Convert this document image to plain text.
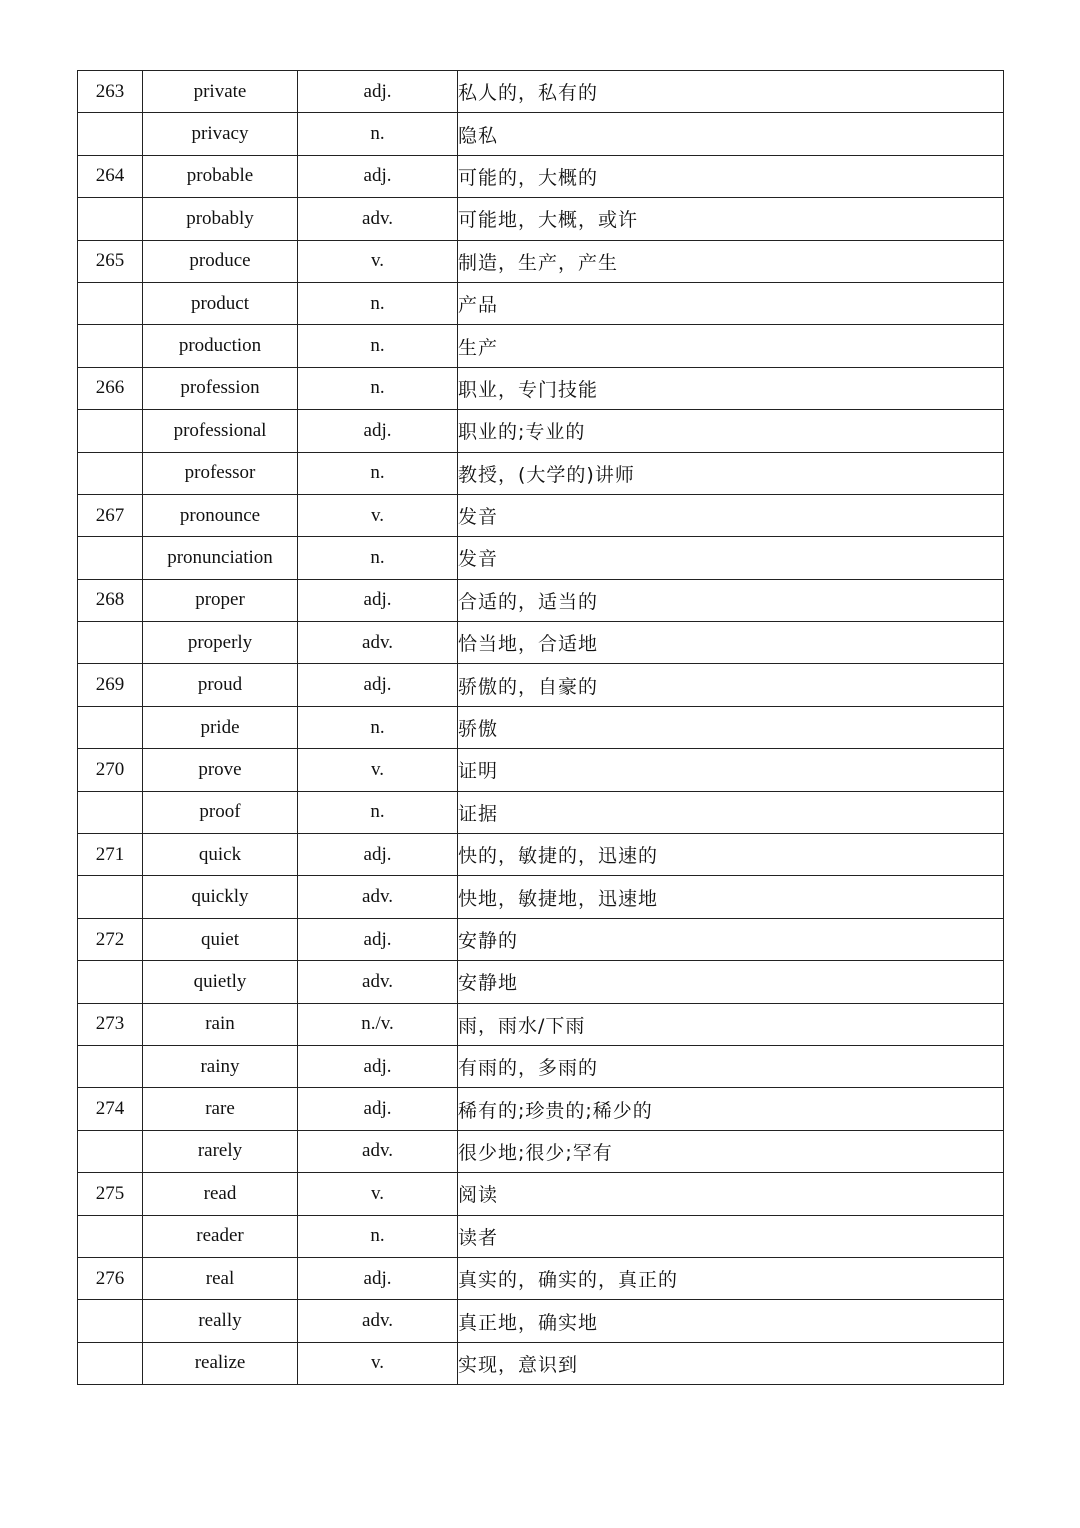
263	private	adj.	私人的，私有的
	privacy	n.	隐私
264	probable	adj.	可能的，大概的
	probably	adv.	可能地，大概，或许
265	produce	v.	制造，生产，产生
	product	n.	产品
	production	n.	生产
266	profession	n.	职业，专门技能
	professional	adj.	职业的;专业的
	professor	n.	教授，(大学的)讲师
267	pronounce	v.	发音
	pronunciation	n.	发音
268	proper	adj.	合适的，适当的
	properly	adv.	恰当地，合适地
269	proud	adj.	骄傲的，自豪的
	pride	n.	骄傲
270	prove	v.	证明
	proof	n.	证据
271	quick	adj.	快的，敏捷的，迅速的
	quickly	adv.	快地，敏捷地，迅速地
272	quiet	adj.	安静的
	quietly	adv.	安静地
273	rain	n./v.	雨，雨水/下雨
	rainy	adj.	有雨的，多雨的
274	rare	adj.	稀有的;珍贵的;稀少的
	rarely	adv.	很少地;很少;罕有
275	read	v.	阅读
	reader	n.	读者
276	real	adj.	真实的，确实的，真正的
	really	adv.	真正地，确实地
	realize	v.	实现，意识到
